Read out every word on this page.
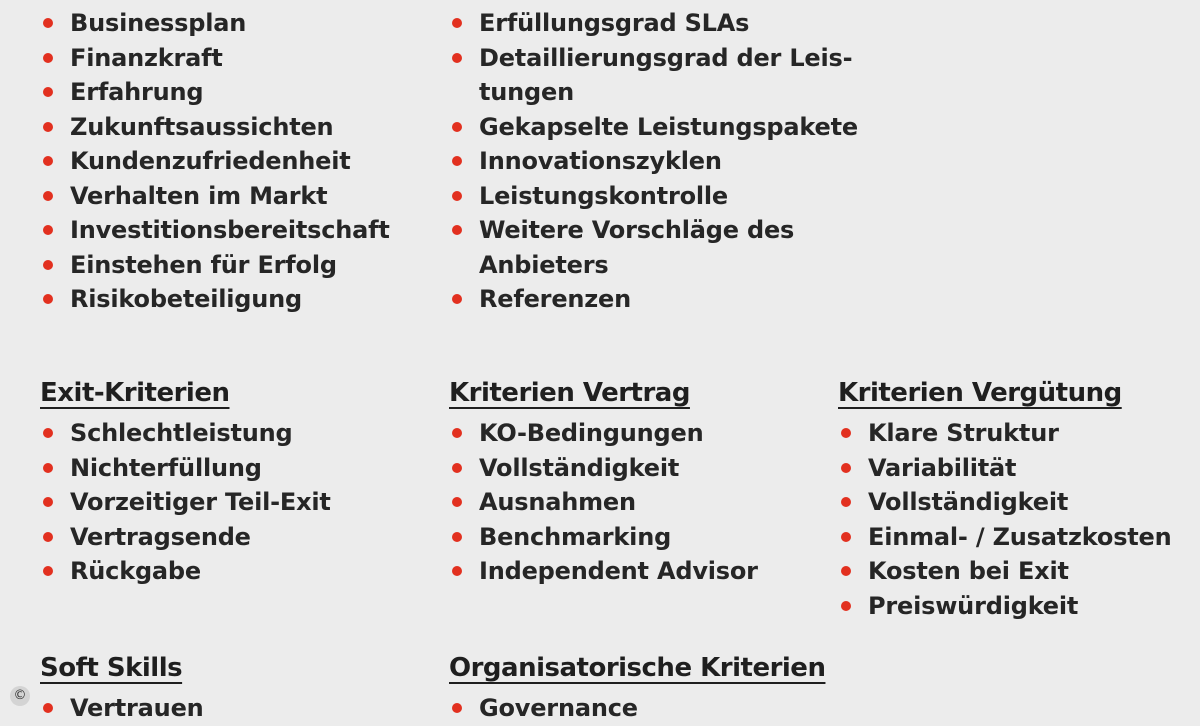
Businessplan
Finanzkraft
Erfahrung
Zukunftsaussichten
Kundenzufriedenheit
Verhalten im Markt
Investitionsbereitschaft
Einstehen für Erfolg
Risikobeteiligung
Erfüllungsgrad SLAs
Detaillierungsgrad der Leis-
tungen
Gekapselte Leistungspakete
Innovationszyklen
Leistungskontrolle
Weitere Vorschläge des
Anbieters
Referenzen
Exit-Kriterien
Schlechtleistung
Nichterfüllung
Vorzeitiger Teil-Exit
Vertragsende
Rückgabe
Kriterien Vertrag
KO-Bedingungen
Vollständigkeit
Ausnahmen
Benchmarking
Independent Advisor
Kriterien Vergütung
Klare Struktur
Variabilität
Vollständigkeit
Einmal- / Zusatzkosten
Kosten bei Exit
Preiswürdigkeit
Soft Skills
Vertrauen
Organisatorische Kriterien
Governance
©
